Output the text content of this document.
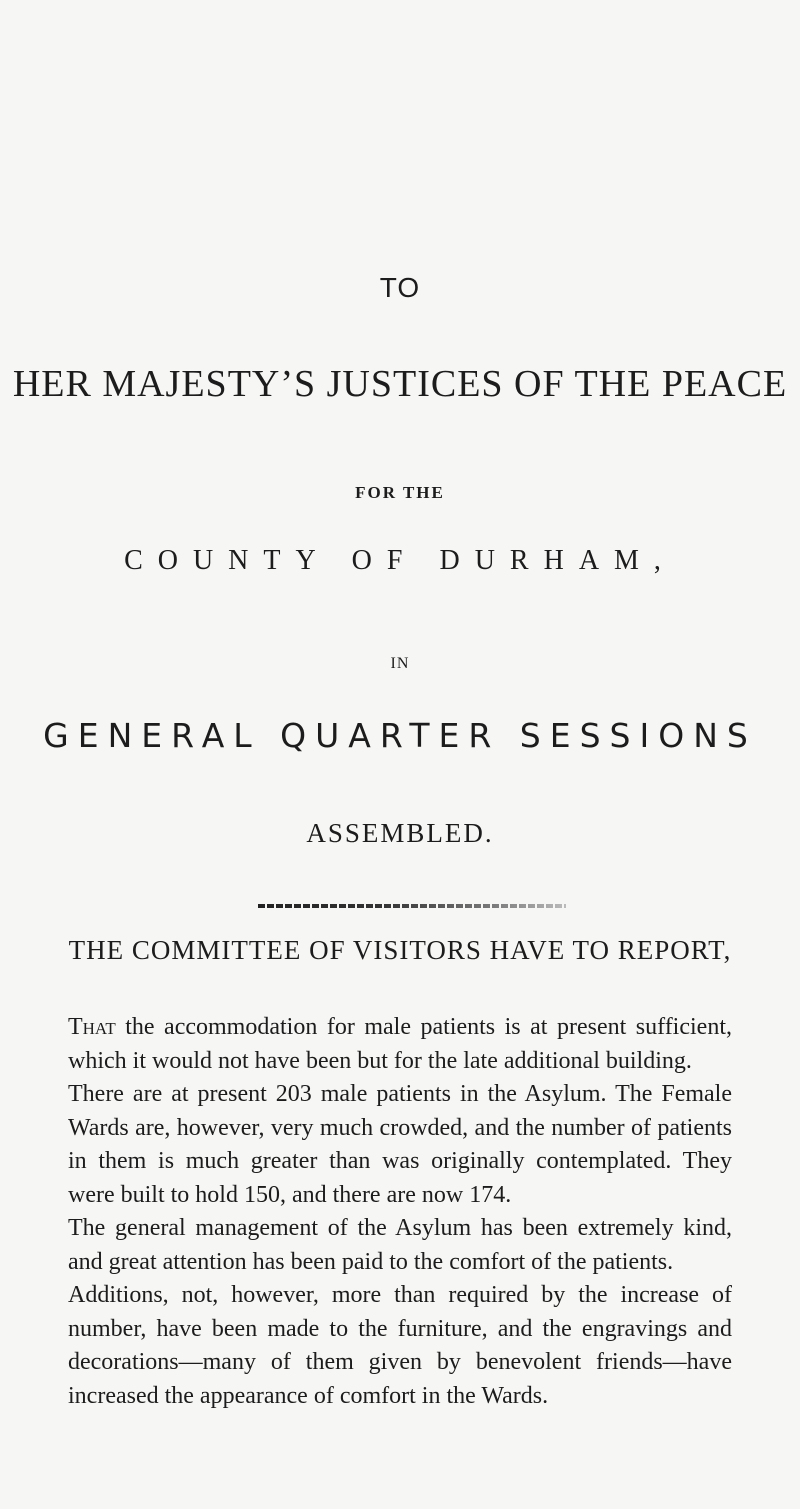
TO
HER MAJESTY’S JUSTICES OF THE PEACE
FOR THE
COUNTY OF DURHAM,
IN
GENERAL QUARTER SESSIONS
ASSEMBLED.
THE COMMITTEE OF VISITORS HAVE TO REPORT,

That the accommodation for male patients is at present sufficient, which it would not have been but for the late additional building.

There are at present 203 male patients in the Asylum. The Female Wards are, however, very much crowded, and the number of patients in them is much greater than was originally contemplated. They were built to hold 150, and there are now 174.

The general management of the Asylum has been extremely kind, and great attention has been paid to the comfort of the patients.

Additions, not, however, more than required by the increase of number, have been made to the furniture, and the engravings and decorations—many of them given by benevolent friends—have increased the appearance of comfort in the Wards.
